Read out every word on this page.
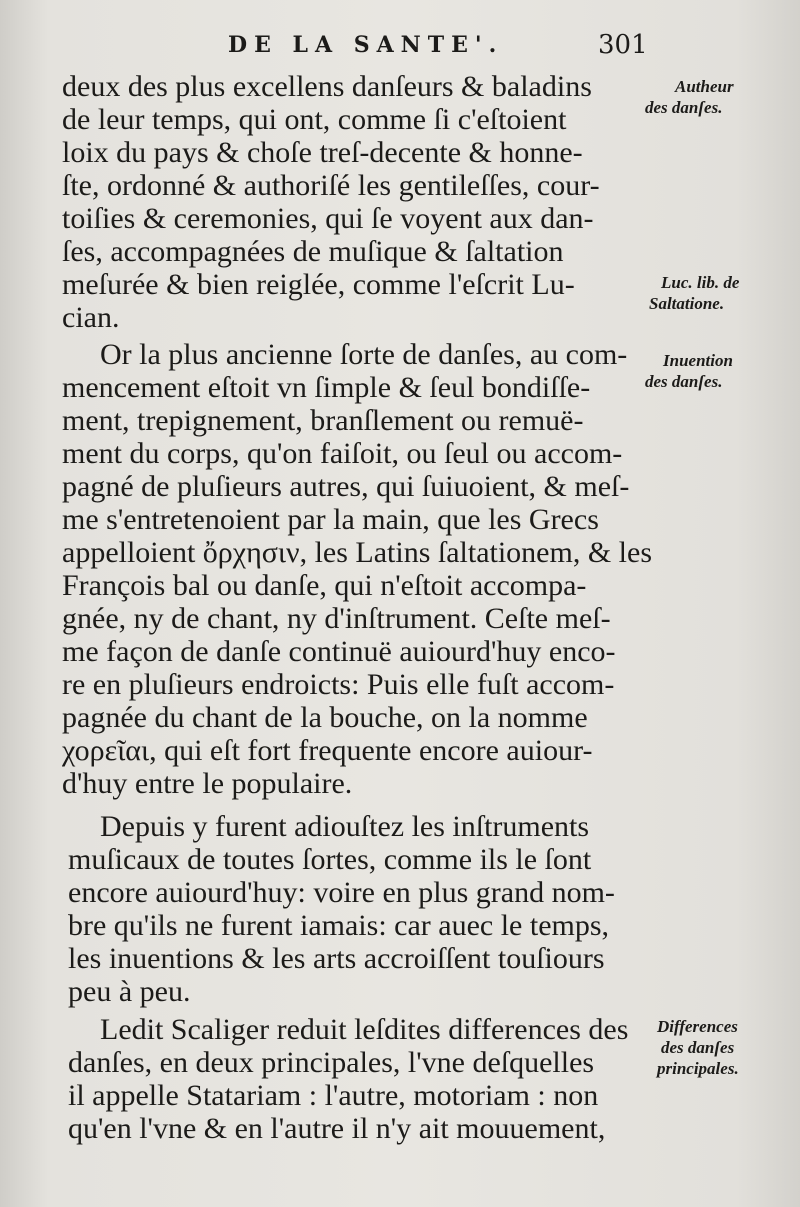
DE LA SANTE'.	301
deux des plus excellens danſeurs & baladins
de leur temps, qui ont, comme ſi c'eſtoient
loix du pays & choſe treſ-decente & honne-
ſte, ordonné & authoriſé les gentileſſes, cour-
toiſies & ceremonies, qui ſe voyent aux dan-
ſes, accompagnées de muſique & ſaltation
meſurée & bien reiglée, comme l'eſcrit Lu-
cian.
Or la plus ancienne ſorte de danſes, au com-
mencement eſtoit vn ſimple & ſeul bondiſſe-
ment, trepignement, branſlement ou remuë-
ment du corps, qu'on faiſoit, ou ſeul ou accom-
pagné de pluſieurs autres, qui ſuiuoient, & meſ-
me s'entretenoient par la main, que les Grecs
appelloient ὄρχησιν, les Latins ſaltationem, & les
François bal ou danſe, qui n'eſtoit accompa-
gnée, ny de chant, ny d'inſtrument. Ceſte meſ-
me façon de danſe continuë auiourd'huy enco-
re en pluſieurs endroicts: Puis elle fuſt accom-
pagnée du chant de la bouche, on la nomme
χορεῖαι, qui eſt fort frequente encore auiour-
d'huy entre le populaire.
Depuis y furent adiouſtez les inſtruments
muſicaux de toutes ſortes, comme ils le ſont
encore auiourd'huy: voire en plus grand nom-
bre qu'ils ne furent iamais: car auec le temps,
les inuentions & les arts accroiſſent touſiours
peu à peu.
Ledit Scaliger reduit leſdites differences des
danſes, en deux principales, l'vne deſquelles
il appelle Statariam : l'autre, motoriam : non
qu'en l'vne & en l'autre il n'y ait mouuement,
Autheur
des danſes.
Luc. lib. de
Saltatione.
Inuention
des danſes.
Differences
des danſes
principales.
